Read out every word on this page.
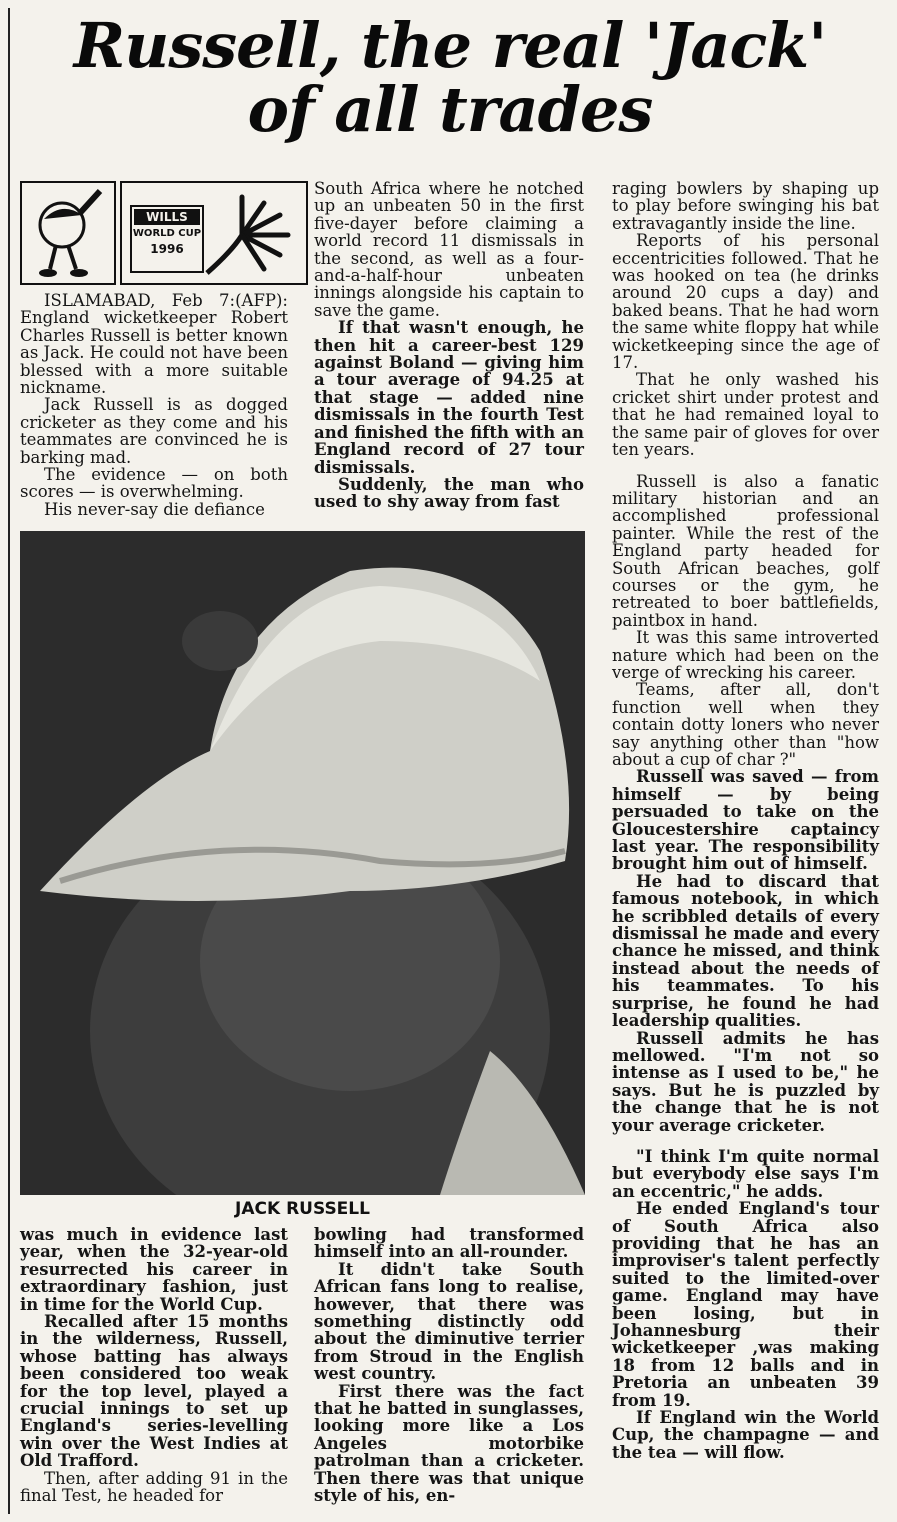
Russell, the real 'Jack'
of all trades
WILLS
WORLD CUP
1996

ISLAMABAD, Feb 7:(AFP): England wicketkeeper Robert Charles Russell is better known as Jack. He could not have been blessed with a more suitable nickname.

Jack Russell is as dogged cricketer as they come and his teammates are convinced he is barking mad.

The evidence — on both scores — is overwhelming.

His never-say die defiance

South Africa where he notched up an unbeaten 50 in the first five-dayer before claiming a world record 11 dismissals in the second, as well as a four-and-a-half-hour unbeaten innings alongside his captain to save the game.

If that wasn't enough, he then hit a career-best 129 against Boland — giving him a tour average of 94.25 at that stage — added nine dismissals in the fourth Test and finished the fifth with an England record of 27 tour dismissals.

Suddenly, the man who used to shy away from fast

JACK RUSSELL

was much in evidence last year, when the 32-year-old resurrected his career in extraordinary fashion, just in time for the World Cup.

Recalled after 15 months in the wilderness, Russell, whose batting has always been considered too weak for the top level, played a crucial innings to set up England's series-levelling win over the West Indies at Old Trafford.

Then, after adding 91 in the final Test, he headed for

bowling had transformed himself into an all-rounder.

It didn't take South African fans long to realise, however, that there was something distinctly odd about the diminutive terrier from Stroud in the English west country.

First there was the fact that he batted in sunglasses, looking more like a Los Angeles motorbike patrolman than a cricketer. Then there was that unique style of his, en-

raging bowlers by shaping up to play before swinging his bat extravagantly inside the line.

Reports of his personal eccentricities followed. That he was hooked on tea (he drinks around 20 cups a day) and baked beans. That he had worn the same white floppy hat while wicketkeeping since the age of 17.

That he only washed his cricket shirt under protest and that he had remained loyal to the same pair of gloves for over ten years.

Russell is also a fanatic military historian and an accomplished professional painter. While the rest of the England party headed for South African beaches, golf courses or the gym, he retreated to boer battlefields, paintbox in hand.

It was this same introverted nature which had been on the verge of wrecking his career.

Teams, after all, don't function well when they contain dotty loners who never say anything other than "how about a cup of char ?"

Russell was saved — from himself — by being persuaded to take on the Gloucestershire captaincy last year. The responsibility brought him out of himself.

He had to discard that famous notebook, in which he scribbled details of every dismissal he made and every chance he missed, and think instead about the needs of his teammates. To his surprise, he found he had leadership qualities.

Russell admits he has mellowed. "I'm not so intense as I used to be," he says. But he is puzzled by the change that he is not your average cricketer.

"I think I'm quite normal but everybody else says I'm an eccentric," he adds.

He ended England's tour of South Africa also providing that he has an improviser's talent perfectly suited to the limited-over game. England may have been losing, but in Johannesburg their wicketkeeper ,was making 18 from 12 balls and in Pretoria an unbeaten 39 from 19.

If England win the World Cup, the champagne — and the tea — will flow.
